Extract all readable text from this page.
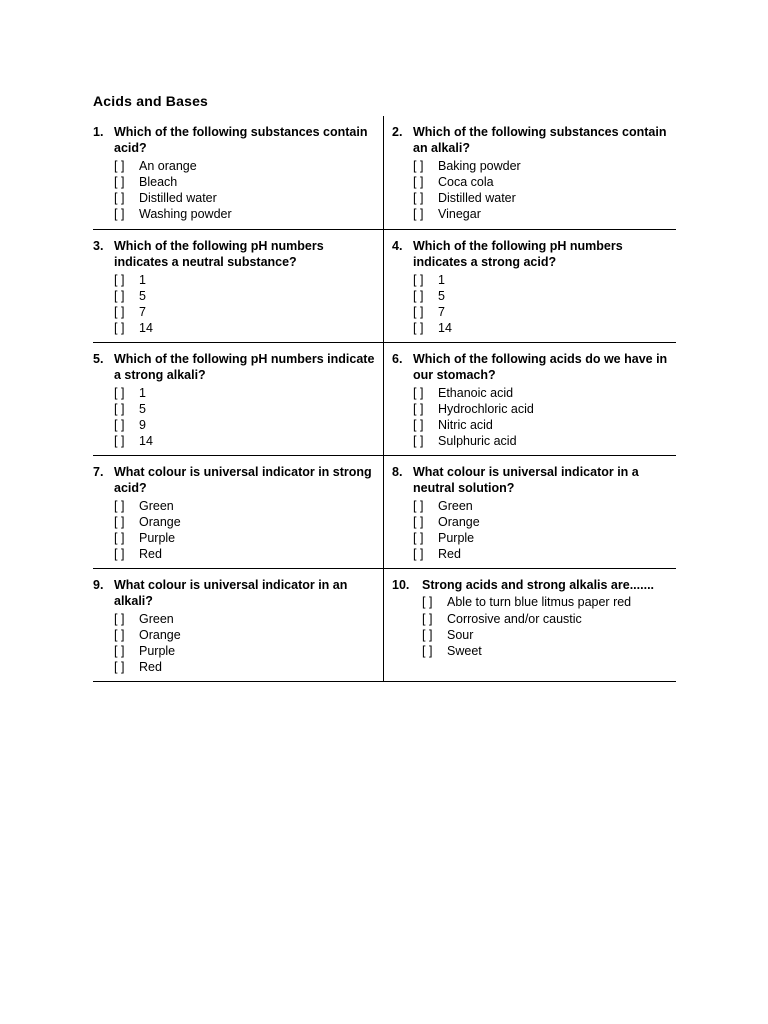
Acids and Bases
1. Which of the following substances contain acid?
[ ]	An orange
[ ]	Bleach
[ ]	Distilled water
[ ]	Washing powder
2. Which of the following substances contain an alkali?
[ ]	Baking powder
[ ]	Coca cola
[ ]	Distilled water
[ ]	Vinegar
3. Which of the following pH numbers indicates a neutral substance?
[ ]	1
[ ]	5
[ ]	7
[ ]	14
4. Which of the following pH numbers indicates a strong acid?
[ ]	1
[ ]	5
[ ]	7
[ ]	14
5. Which of the following pH numbers indicate a strong alkali?
[ ]	1
[ ]	5
[ ]	9
[ ]	14
6. Which of the following acids do we have in our stomach?
[ ]	Ethanoic acid
[ ]	Hydrochloric acid
[ ]	Nitric acid
[ ]	Sulphuric acid
7. What colour is universal indicator in strong acid?
[ ]	Green
[ ]	Orange
[ ]	Purple
[ ]	Red
8. What colour is universal indicator in a neutral solution?
[ ]	Green
[ ]	Orange
[ ]	Purple
[ ]	Red
9. What colour is universal indicator in an alkali?
[ ]	Green
[ ]	Orange
[ ]	Purple
[ ]	Red
10.	Strong acids and strong alkalis are.......
[ ]	Able to turn blue litmus paper red
[ ]	Corrosive and/or caustic
[ ]	Sour
[ ]	Sweet
